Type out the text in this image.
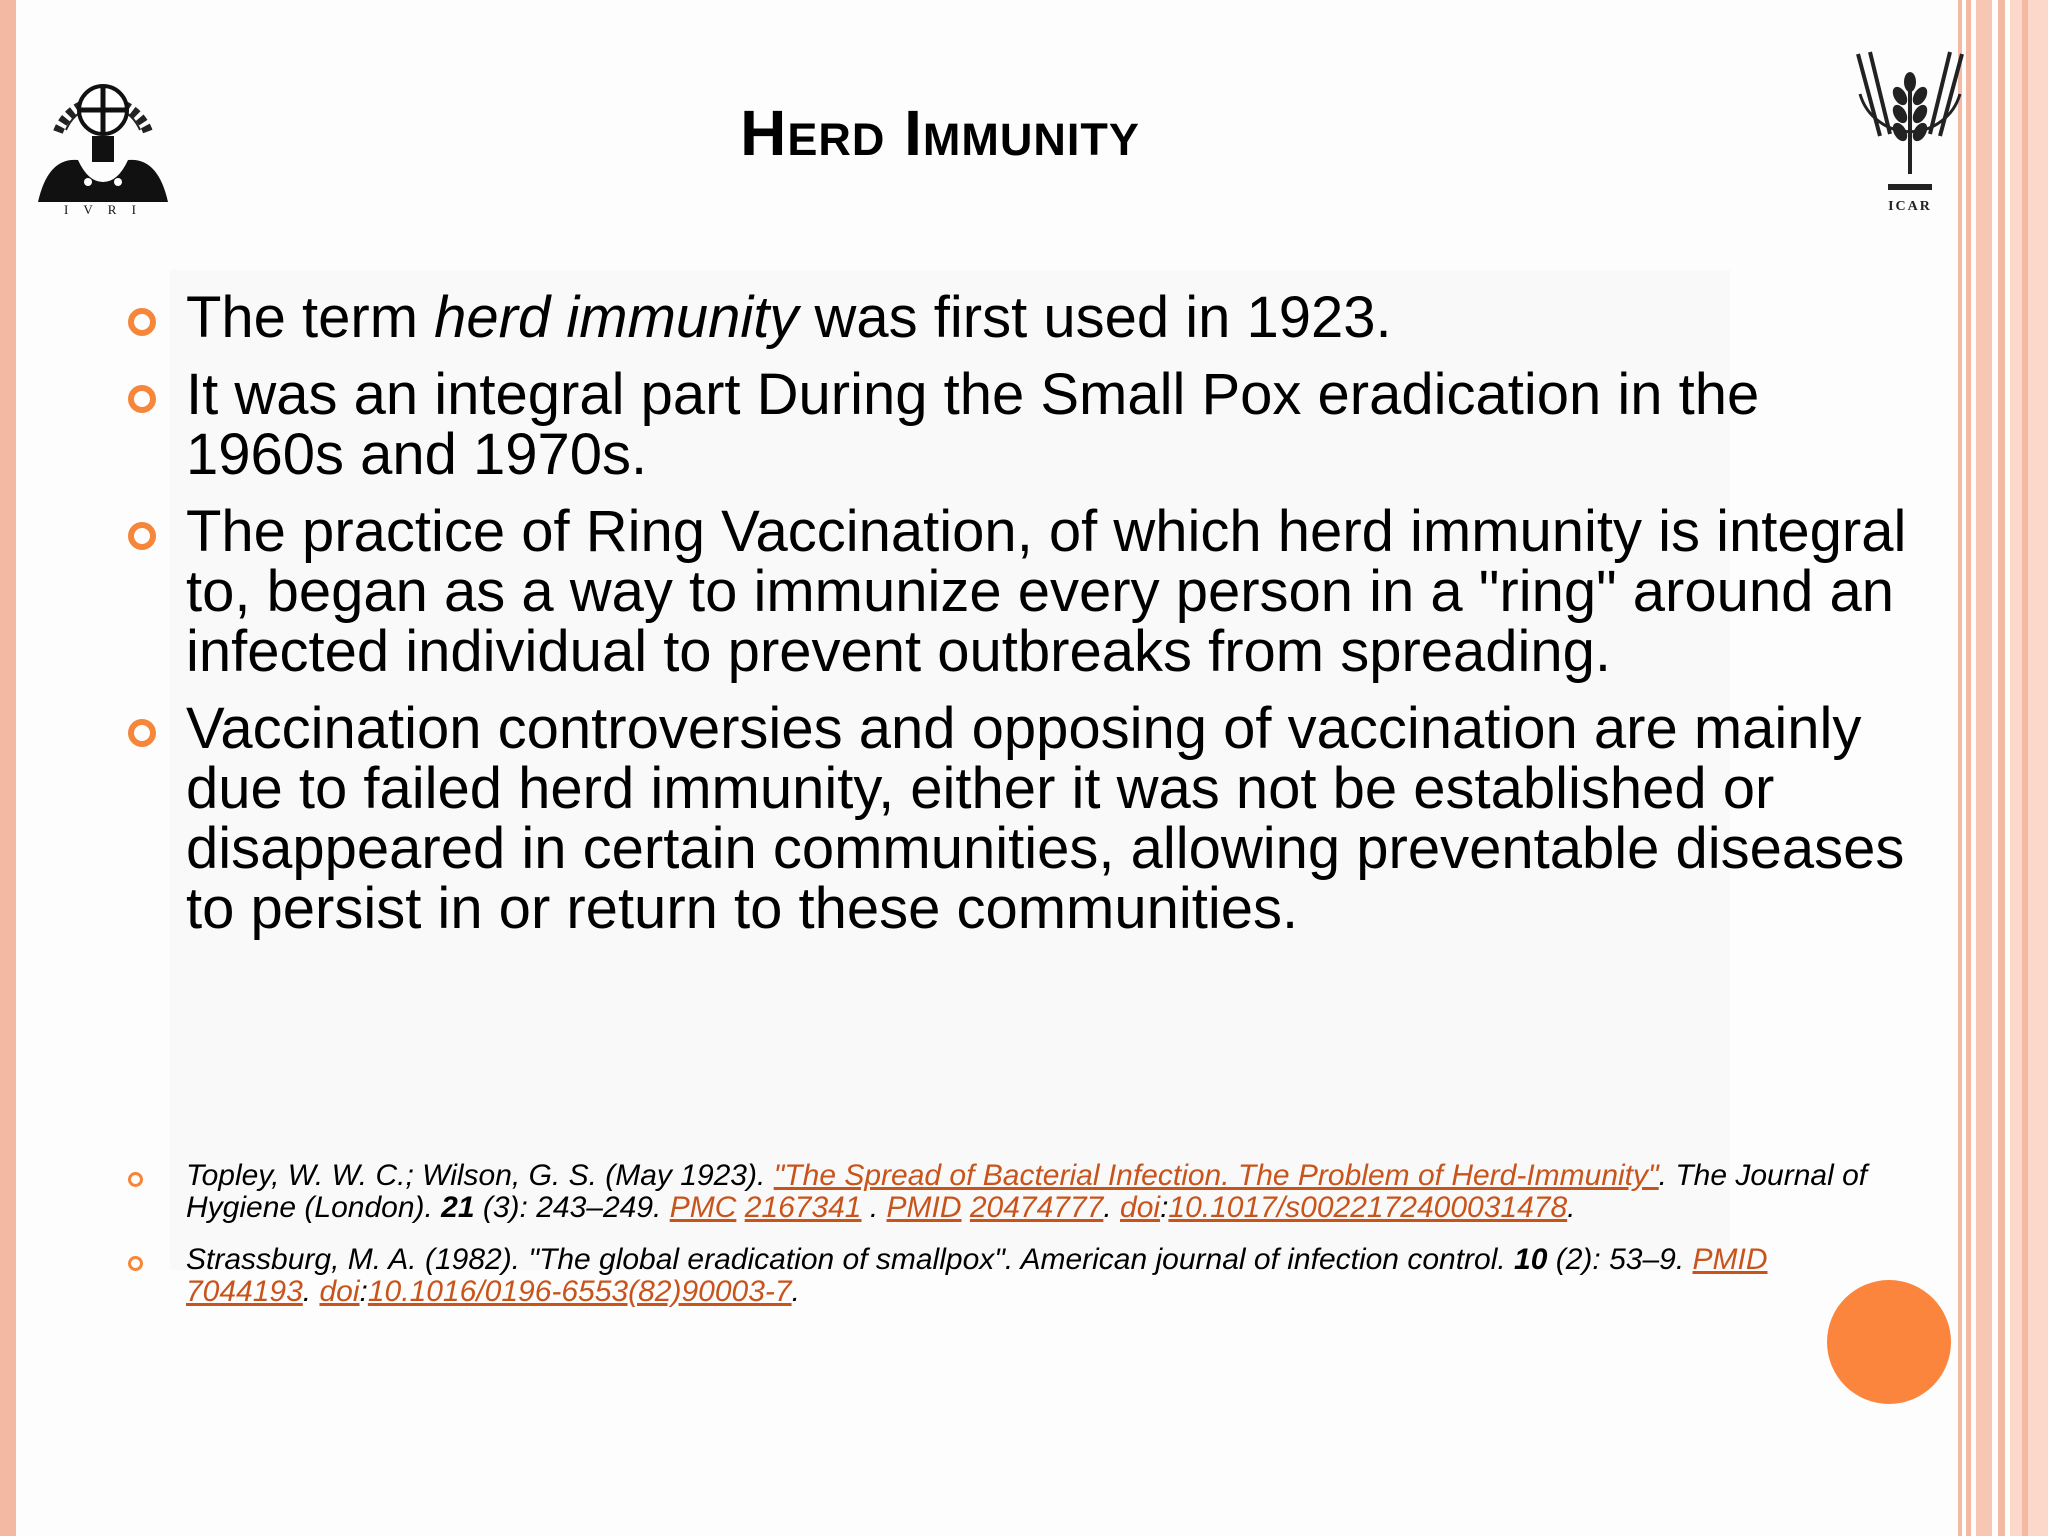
I V R I	ICAR
Herd Immunity
The term herd immunity was first used in 1923.
It was an integral part During the Small Pox eradication in the 1960s and 1970s.
The practice of Ring Vaccination, of which herd immunity is integral to, began as a way to immunize every person in a "ring" around an infected individual to prevent outbreaks from spreading.
Vaccination controversies and opposing of vaccination are mainly due to failed herd immunity, either it was not be established or disappeared in certain communities, allowing preventable diseases to persist in or return to these communities.
Topley, W. W. C.; Wilson, G. S. (May 1923). "The Spread of Bacterial Infection. The Problem of Herd-Immunity". The Journal of Hygiene (London). 21 (3): 243–249. PMC 2167341 . PMID 20474777. doi:10.1017/s0022172400031478.
Strassburg, M. A. (1982). "The global eradication of smallpox". American journal of infection control. 10 (2): 53–9. PMID 7044193. doi:10.1016/0196-6553(82)90003-7.
